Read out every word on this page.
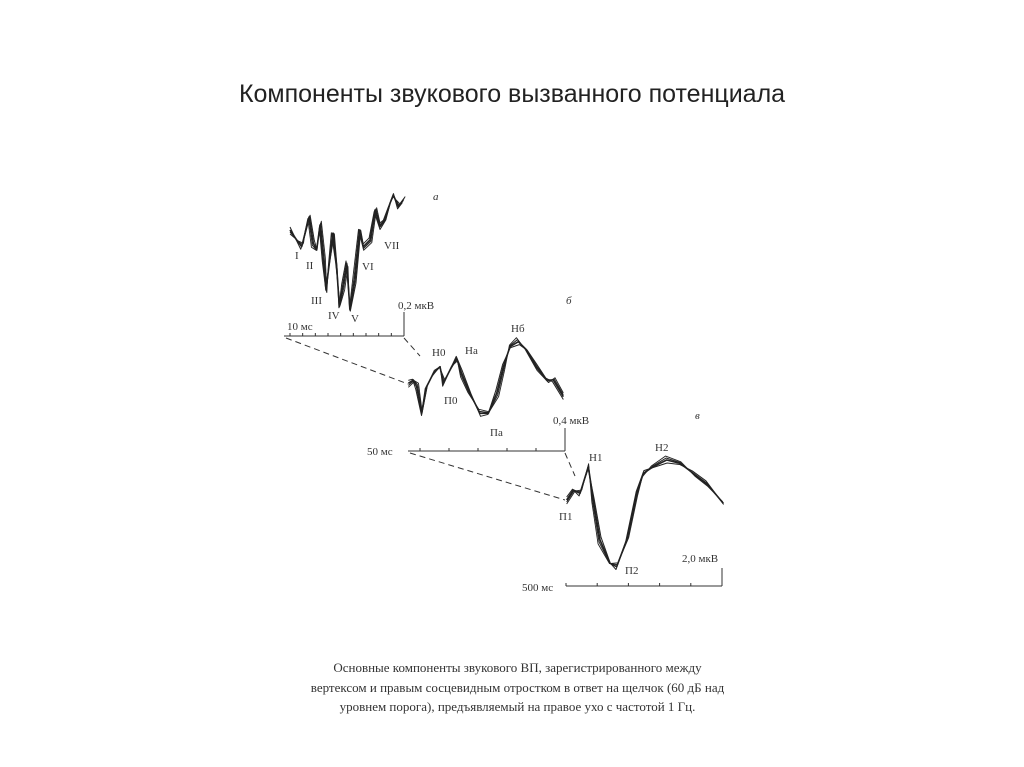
Компоненты звукового вызванного потенциала
а
I
II
III
IV V
VI
VII
0,2 мкВ
10 мс
б
Н0 На
Нб
П0
Па
0,4 мкВ
50 мс
в
Н1
Н2
П1
П2
2,0 мкВ
500 мс
Основные компоненты звукового ВП, зарегистрированного между
вертексом и правым сосцевидным отростком в ответ на щелчок (60 дБ над
уровнем порога), предъявляемый на правое ухо с частотой 1 Гц.
